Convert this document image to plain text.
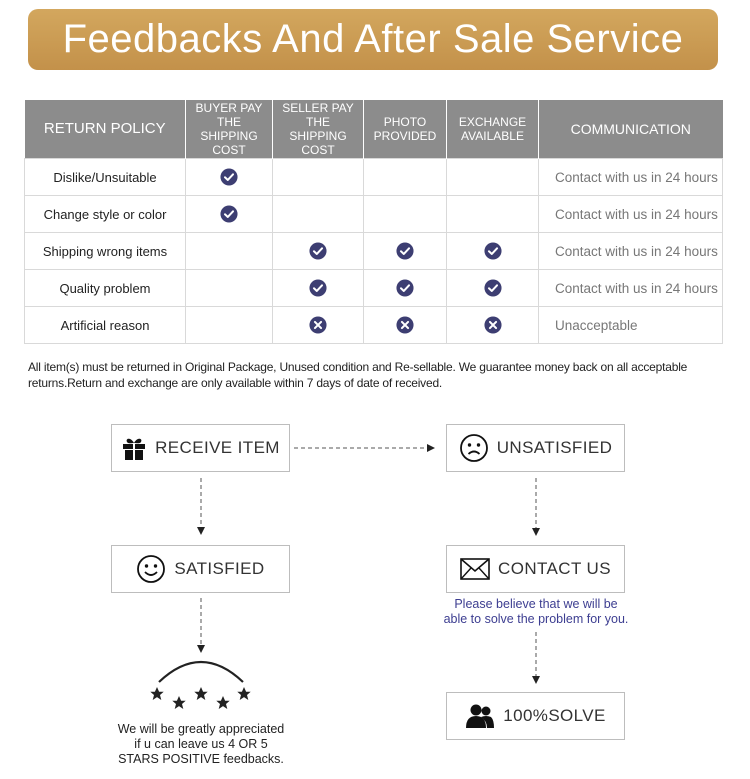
Feedbacks And After Sale Service
RETURN POLICY	BUYER PAY THE SHIPPING COST	SELLER PAY THE SHIPPING COST	PHOTO PROVIDED	EXCHANGE AVAILABLE	COMMUNICATION
Dislike/Unsuitable					Contact with us in 24 hours
Change style or color					Contact with us in 24 hours
Shipping wrong items					Contact with us in 24 hours
Quality problem					Contact with us in 24 hours
Artificial reason					Unacceptable
All item(s) must be returned in Original Package, Unused condition and Re-sellable. We guarantee money back on all acceptable returns.Return and exchange are only available within 7 days of date of received.
RECEIVE ITEM	UNSATISFIED
SATISFIED	CONTACT US
Please believe that we will be
able to solve the problem for you.
100%SOLVE
We will be greatly appreciated
if u can leave us 4 OR 5
STARS POSITIVE feedbacks.
